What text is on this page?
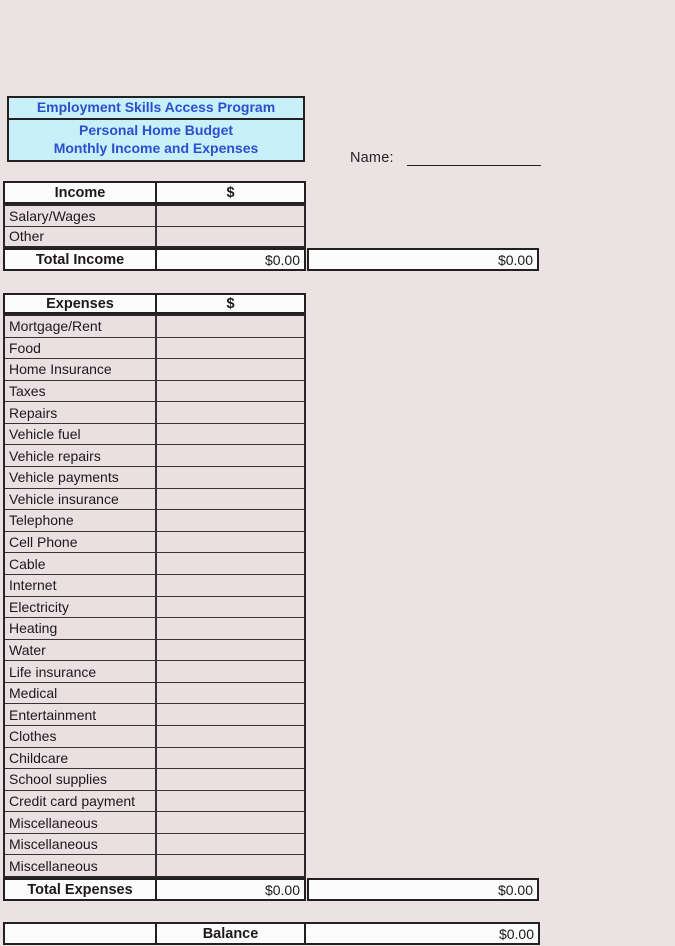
Employment Skills Access Program
Personal Home Budget
Monthly Income and Expenses
Name:
Income	$
Salary/Wages
Other
Total Income	$0.00	$0.00
Expenses	$
Mortgage/Rent
Food
Home Insurance
Taxes
Repairs
Vehicle fuel
Vehicle repairs
Vehicle payments
Vehicle insurance
Telephone
Cell Phone
Cable
Internet
Electricity
Heating
Water
Life insurance
Medical
Entertainment
Clothes
Childcare
School supplies
Credit card payment
Miscellaneous
Miscellaneous
Miscellaneous
Total Expenses	$0.00	$0.00
Balance	$0.00
